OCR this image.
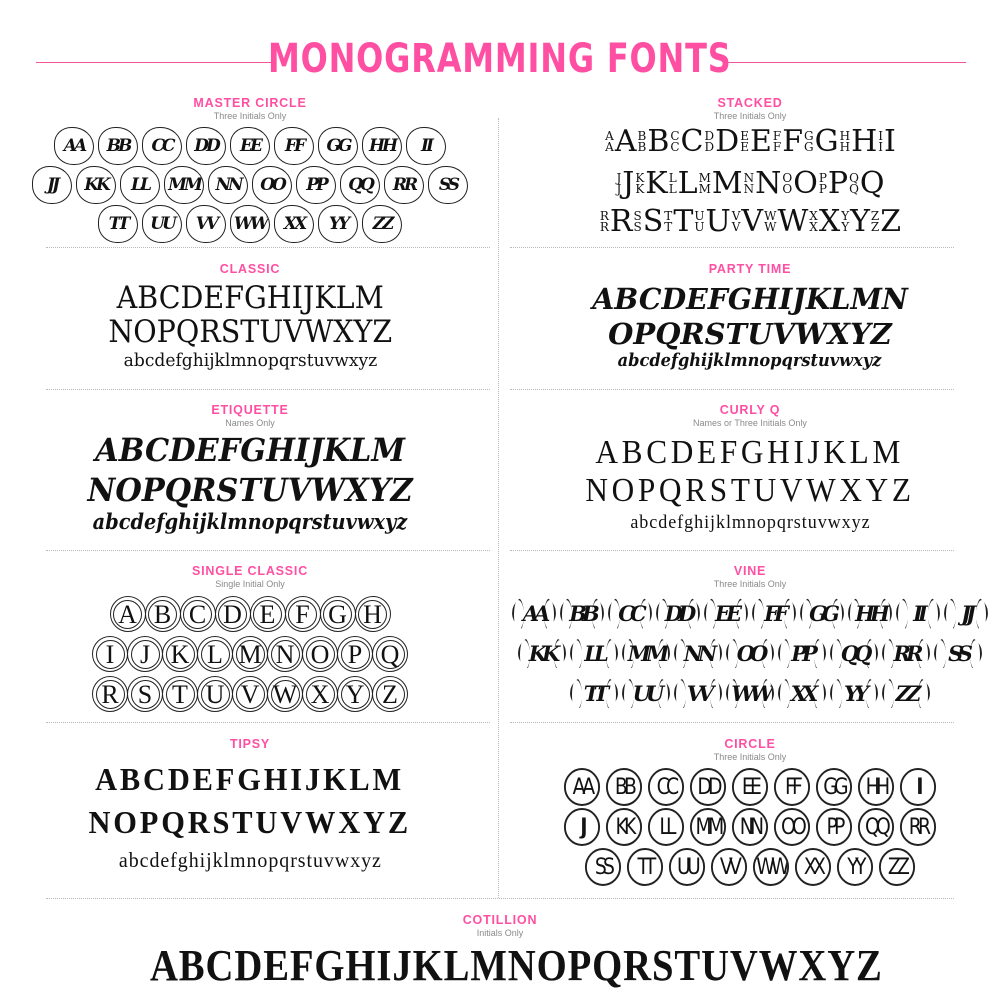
MONOGRAMMING FONTS
MASTER CIRCLE
Three Initials Only
AA BB CC DD EE FF GG HH II
JJ KK LL MM NN OO PP QQ RR SS
TT UU VV WW XX YY ZZ
STACKED
Three Initials Only
A
A A B
B B C
C C D
D D E
E E F
F F G
G G H
H H I
I I
J
J J K
K K L
L L M
M M N
N N O
O O P
P P Q
Q Q
R
R R S
S S T
T T U
U U V
V V W
W W X
X X Y
Y Y Z
Z Z
CLASSIC
ABCDEFGHIJKLM
NOPQRSTUVWXYZ
abcdefghijklmnopqrstuvwxyz
PARTY TIME
ABCDEFGHIJKLMN
OPQRSTUVWXYZ
abcdefghijklmnopqrstuvwxyz
ETIQUETTE
Names Only
ABCDEFGHIJKLM
NOPQRSTUVWXYZ
abcdefghijklmnopqrstuvwxyz
CURLY Q
Names or Three Initials Only
ABCDEFGHIJKLM
NOPQRSTUVWXYZ
abcdefghijklmnopqrstuvwxyz
SINGLE CLASSIC
Single Initial Only
A B C D E F G H
I J K L M N O P Q
R S T U V W X Y Z
VINE
Three Initials Only
AA BB CC DD EE FF GG HH II JJ
KK LL MM NN OO PP QQ RR SS
TT UU VV WW XX YY ZZ
TIPSY
ABCDEFGHIJKLM
NOPQRSTUVWXYZ
abcdefghijklmnopqrstuvwxyz
CIRCLE
Three Initials Only
AA BB CC DD EE FF GG HH II
JJ KK LL MM NN OO PP QQ RR
SS TT UU VV WW XX YY ZZ
COTILLION
Initials Only
ABCDEFGHIJKLMNOPQRSTUVWXYZ
